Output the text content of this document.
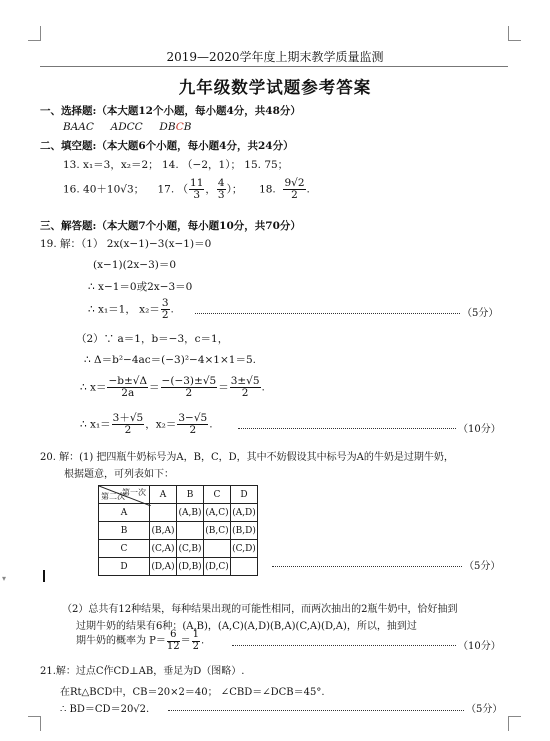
2019—2020学年度上期末教学质量监测
九年级数学试题参考答案
一、选择题:（本大题12个小题，每小题4分，共48分）
BAAC ADCC DBCB
二、填空题:（本大题6个小题，每小题4分，共24分）
13. x₁＝3，x₂＝2； 14. （−2，1）； 15. 75；
16. 40＋10√3； 17. （ $\frac{11}{3}$ ， $\frac{4}{3}$ ）； 18. $\frac{9√2}{2}$ .
三、解答题:（本大题7个小题，每小题10分，共70分）
19. 解：（1） 2x(x−1)−3(x−1)＝0
(x−1)(2x−3)＝0
∴ x−1＝0或2x−3＝0
∴ x₁＝1， $x_2= \frac{3}{2}$ .	（5分）
（2）∵ a＝1，b＝−3，c＝1，
∴ Δ＝b²−4ac＝(−3)²−4×1×1＝5.
∴ $x= \frac{-b\pm√\Delta}{2a} = \frac{-(-3)\pm√5}{2} = \frac{3\pm√5}{2}$ .
∴ $x_1= \frac{3+√5}{2}$ ，$x_2= \frac{3-√5}{2}$ .	（10分）
20. 解：(1) 把四瓶牛奶标号为A，B，C，D，其中不妨假设其中标号为A的牛奶是过期牛奶，
根据题意，可列表如下：
第一次
第二次	A	B	C	D
A		(A,B)	(A,C)	(A,D)
B	(B,A)		(B,C)	(B,D)
C	(C,A)	(C,B)		(C,D)
D	(D,A)	(D,B)	(D,C)		（5分）
▾
（2）总共有12种结果，每种结果出现的可能性相同，而两次抽出的2瓶牛奶中，恰好抽到
过期牛奶的结果有6种：(A,B)，(A,C)(A,D)(B,A)(C,A)(D,A)，所以，抽到过
期牛奶的概率为 $P= \frac{6}{12} = \frac{1}{2}$ .	（10分）
21.解：过点C作CD⊥AB，垂足为D（图略）.
在Rt△BCD中，CB＝20×2＝40； ∠CBD＝∠DCB＝45°.
∴ BD＝CD＝20√2.	（5分）
